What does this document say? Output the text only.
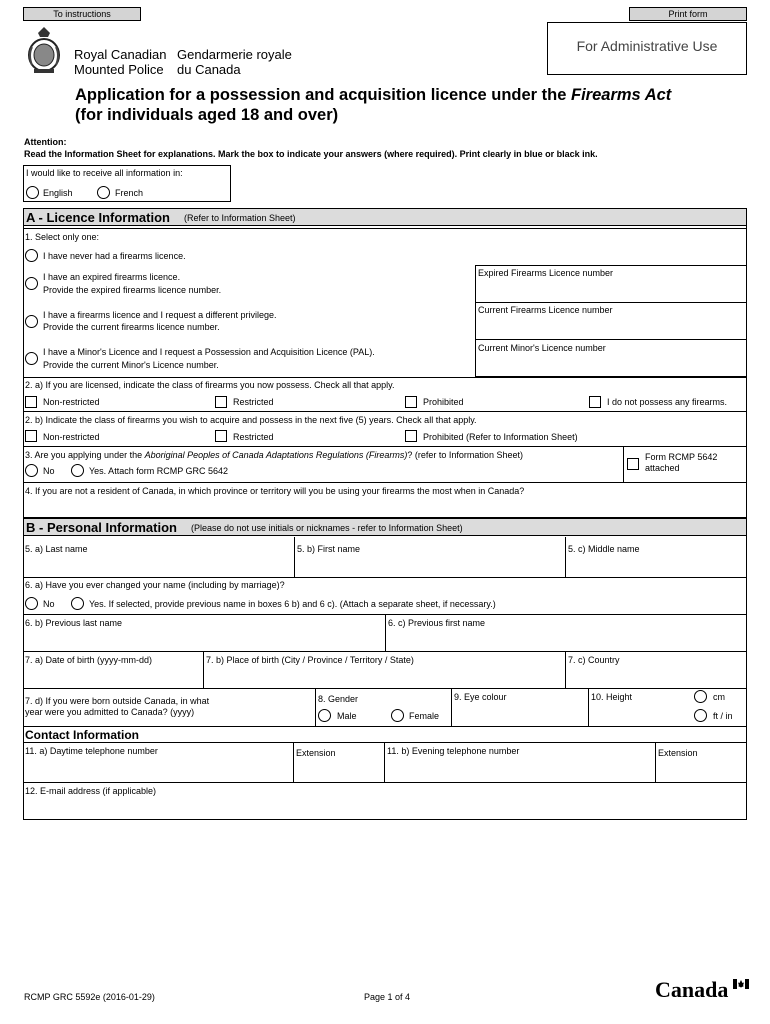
To instructions	Print form
Royal Canadian
Mounted Police
Gendarmerie royale
du Canada
For Administrative Use
Application for a possession and acquisition licence under the Firearms Act
(for individuals aged 18 and over)
Attention:
Read the Information Sheet for explanations. Mark the box to indicate your answers (where required). Print clearly in blue or black ink.
I would like to receive all information in:
English	French
A - Licence Information (Refer to Information Sheet)
1. Select only one:
I have never had a firearms licence.
I have an expired firearms licence.
Provide the expired firearms licence number.
I have a firearms licence and I request a different privilege.
Provide the current firearms licence number.
I have a Minor's Licence and I request a Possession and Acquisition Licence (PAL).
Provide the current Minor's Licence number.
Expired Firearms Licence number
Current Firearms Licence number
Current Minor's Licence number
2. a) If you are licensed, indicate the class of firearms you now possess. Check all that apply.
Non-restricted	Restricted	Prohibited	I do not possess any firearms.
2. b) Indicate the class of firearms you wish to acquire and possess in the next five (5) years. Check all that apply.
Non-restricted	Restricted	Prohibited (Refer to Information Sheet)
3. Are you applying under the Aboriginal Peoples of Canada Adaptations Regulations (Firearms)? (refer to Information Sheet)
No	Yes. Attach form RCMP GRC 5642
Form RCMP 5642
attached
4. If you are not a resident of Canada, in which province or territory will you be using your firearms the most when in Canada?
B - Personal Information (Please do not use initials or nicknames - refer to Information Sheet)
5. a) Last name	5. b) First name	5. c) Middle name
6. a) Have you ever changed your name (including by marriage)?
No	Yes. If selected, provide previous name in boxes 6 b) and 6 c). (Attach a separate sheet, if necessary.)
6. b) Previous last name	6. c) Previous first name
7. a) Date of birth (yyyy-mm-dd)	7. b) Place of birth (City / Province / Territory / State)	7. c) Country
7. d) If you were born outside Canada, in what
year were you admitted to Canada? (yyyy)
8. Gender
Male	Female
9. Eye colour	10. Height	cm
ft / in
Contact Information
11. a) Daytime telephone number	Extension	11. b) Evening telephone number	Extension
12. E-mail address (if applicable)
RCMP GRC 5592e (2016-01-29)	Page 1 of 4	Canada
